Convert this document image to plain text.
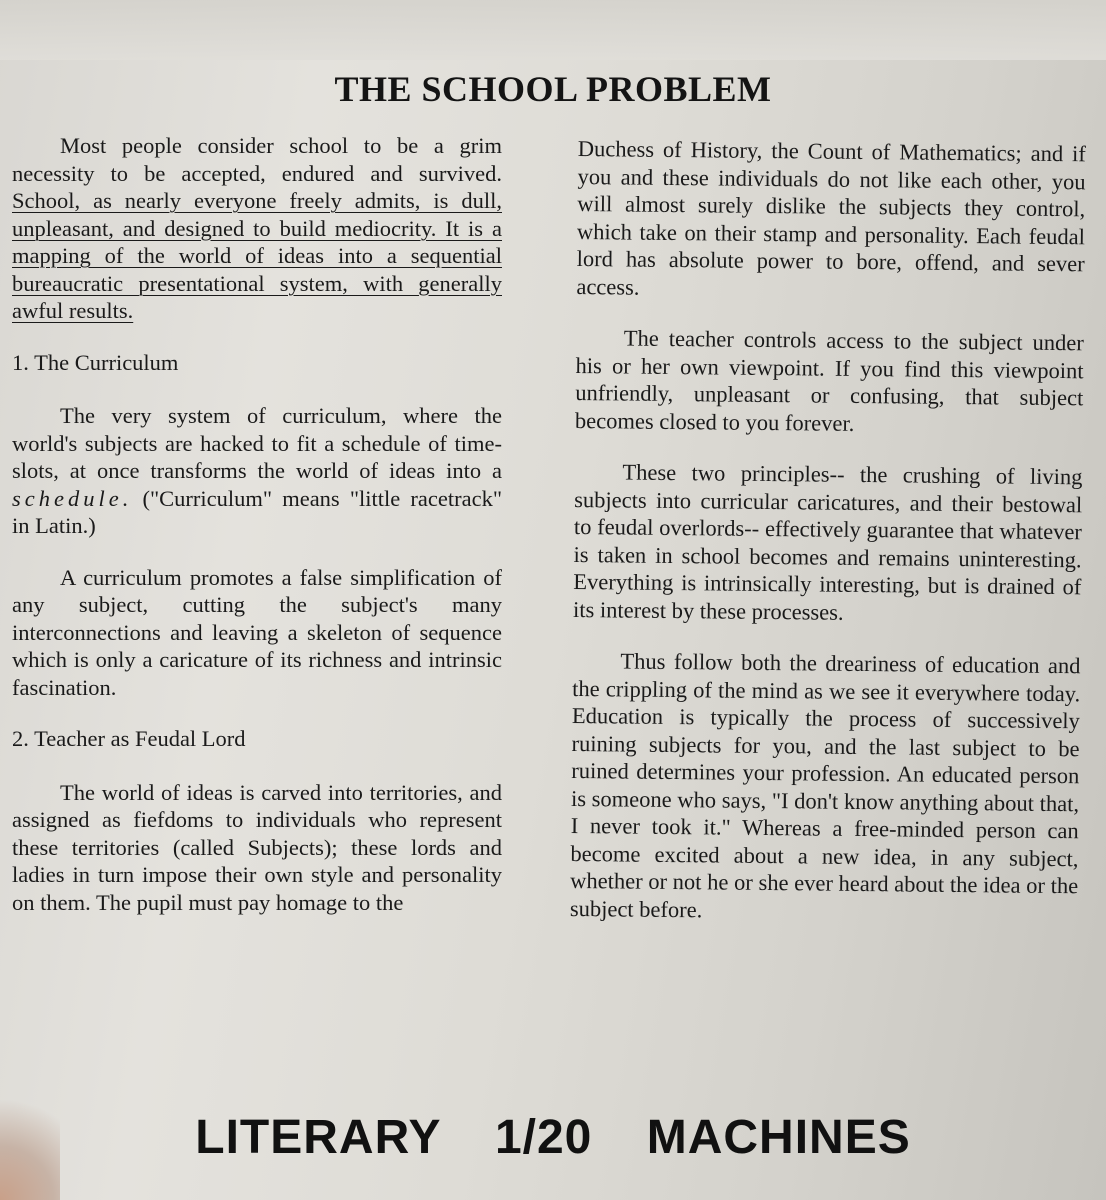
THE SCHOOL PROBLEM

Most people consider school to be a grim necessity to be accepted, endured and survived. School, as nearly everyone freely admits, is dull, unpleasant, and designed to build mediocrity. It is a mapping of the world of ideas into a sequential bureaucratic presentational system, with generally awful results.

1. The Curriculum

The very system of curriculum, where the world's subjects are hacked to fit a schedule of time-slots, at once transforms the world of ideas into a schedule. ("Curriculum" means "little racetrack" in Latin.)

A curriculum promotes a false simplification of any subject, cutting the subject's many interconnections and leaving a skeleton of sequence which is only a caricature of its richness and intrinsic fascination.

2. Teacher as Feudal Lord

The world of ideas is carved into territories, and assigned as fiefdoms to individuals who represent these territories (called Subjects); these lords and ladies in turn impose their own style and personality on them. The pupil must pay homage to the

Duchess of History, the Count of Mathematics; and if you and these individuals do not like each other, you will almost surely dislike the subjects they control, which take on their stamp and personality. Each feudal lord has absolute power to bore, offend, and sever access.

The teacher controls access to the subject under his or her own viewpoint. If you find this viewpoint unfriendly, unpleasant or confusing, that subject becomes closed to you forever.

These two principles-- the crushing of living subjects into curricular caricatures, and their bestowal to feudal overlords-- effectively guarantee that whatever is taken in school becomes and remains uninteresting. Everything is intrinsically interesting, but is drained of its interest by these processes.

Thus follow both the dreariness of education and the crippling of the mind as we see it everywhere today. Education is typically the process of successively ruining subjects for you, and the last subject to be ruined determines your profession. An educated person is someone who says, "I don't know anything about that, I never took it." Whereas a free-minded person can become excited about a new idea, in any subject, whether or not he or she ever heard about the idea or the subject before.

LITERARY 1/20 MACHINES
